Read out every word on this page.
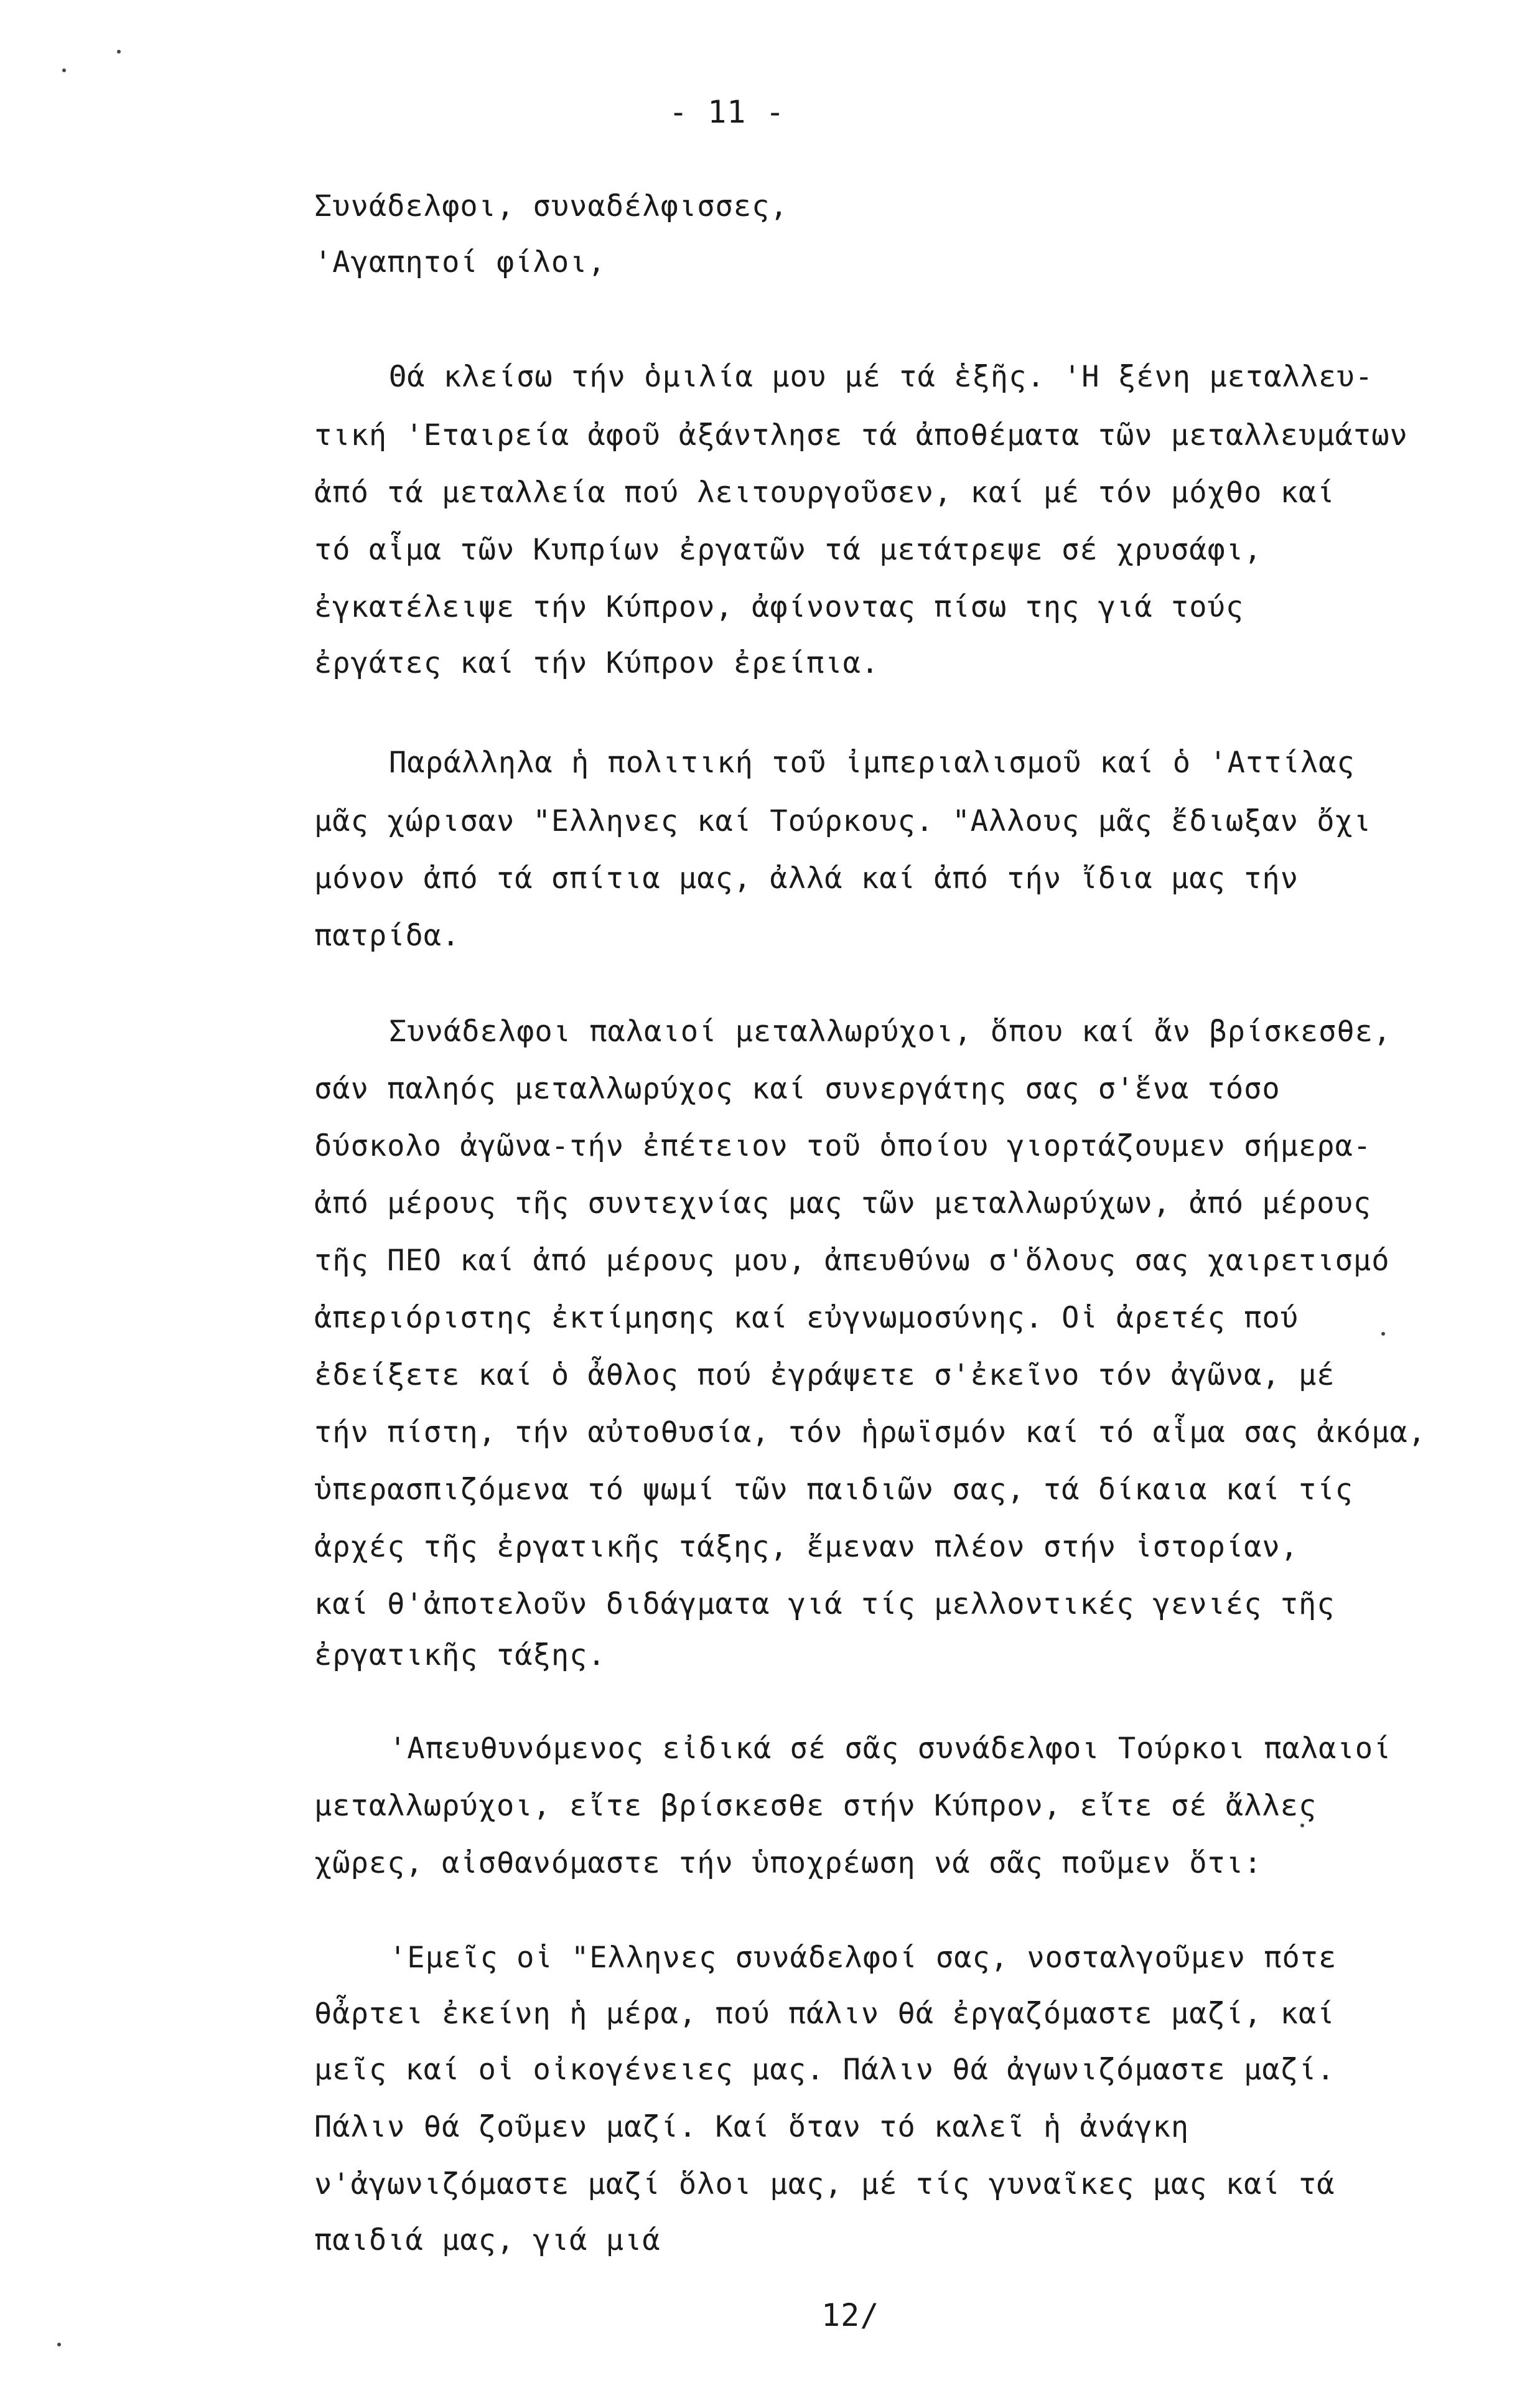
- 11 -
Συνάδελφοι, συναδέλφισσες,
'Αγαπητοί φίλοι,
Θά κλείσω τήν ὁμιλία μου μέ τά ἑξῆς. 'Η ξένη μεταλλευ-
τική 'Εταιρεία ἀφοῦ ἀξάντλησε τά ἀποθέματα τῶν μεταλλευμάτων
ἀπό τά μεταλλεία πού λειτουργοῦσεν, καί μέ τόν μόχθο καί
τό αἷμα τῶν Κυπρίων ἐργατῶν τά μετάτρεψε σέ χρυσάφι,
ἐγκατέλειψε τήν Κύπρον, ἀφίνοντας πίσω της γιά τούς
ἐργάτες καί τήν Κύπρον ἐρείπια.
Παράλληλα ἡ πολιτική τοῦ ἰμπεριαλισμοῦ καί ὁ 'Αττίλας
μᾶς χώρισαν "Ελληνες καί Τούρκους. "Αλλους μᾶς ἔδιωξαν ὄχι
μόνον ἀπό τά σπίτια μας, ἀλλά καί ἀπό τήν ἴδια μας τήν
πατρίδα.
Συνάδελφοι παλαιοί μεταλλωρύχοι, ὅπου καί ἄν βρίσκεσθε,
σάν παληός μεταλλωρύχος καί συνεργάτης σας σ'ἕνα τόσο
δύσκολο ἀγῶνα-τήν ἐπέτειον τοῦ ὁποίου γιορτάζουμεν σήμερα-
ἀπό μέρους τῆς συντεχνίας μας τῶν μεταλλωρύχων, ἀπό μέρους
τῆς ΠΕΟ καί ἀπό μέρους μου, ἀπευθύνω σ'ὅλους σας χαιρετισμό
ἀπεριόριστης ἐκτίμησης καί εὐγνωμοσύνης. Οἱ ἀρετές πού
ἐδείξετε καί ὁ ἆθλος πού ἐγράψετε σ'ἐκεῖνο τόν ἀγῶνα, μέ
τήν πίστη, τήν αὐτοθυσία, τόν ἡρωϊσμόν καί τό αἷμα σας ἀκόμα,
ὑπερασπιζόμενα τό ψωμί τῶν παιδιῶν σας, τά δίκαια καί τίς
ἀρχές τῆς ἐργατικῆς τάξης, ἔμεναν πλέον στήν ἱστορίαν,
καί θ'ἀποτελοῦν διδάγματα γιά τίς μελλοντικές γενιές τῆς
ἐργατικῆς τάξης.
'Απευθυνόμενος εἰδικά σέ σᾶς συνάδελφοι Τούρκοι παλαιοί
μεταλλωρύχοι, εἴτε βρίσκεσθε στήν Κύπρον, εἴτε σέ ἄλλες
χῶρες, αἰσθανόμαστε τήν ὑποχρέωση νά σᾶς ποῦμεν ὅτι:
'Εμεῖς οἱ "Ελληνες συνάδελφοί σας, νοσταλγοῦμεν πότε
θἆρτει ἐκείνη ἡ μέρα, πού πάλιν θά ἐργαζόμαστε μαζί, καί
μεῖς καί οἱ οἰκογένειες μας. Πάλιν θά ἀγωνιζόμαστε μαζί.
Πάλιν θά ζοῦμεν μαζί. Καί ὅταν τό καλεῖ ἡ ἀνάγκη
ν'ἀγωνιζόμαστε μαζί ὅλοι μας, μέ τίς γυναῖκες μας καί τά
παιδιά μας, γιά μιά
12/
